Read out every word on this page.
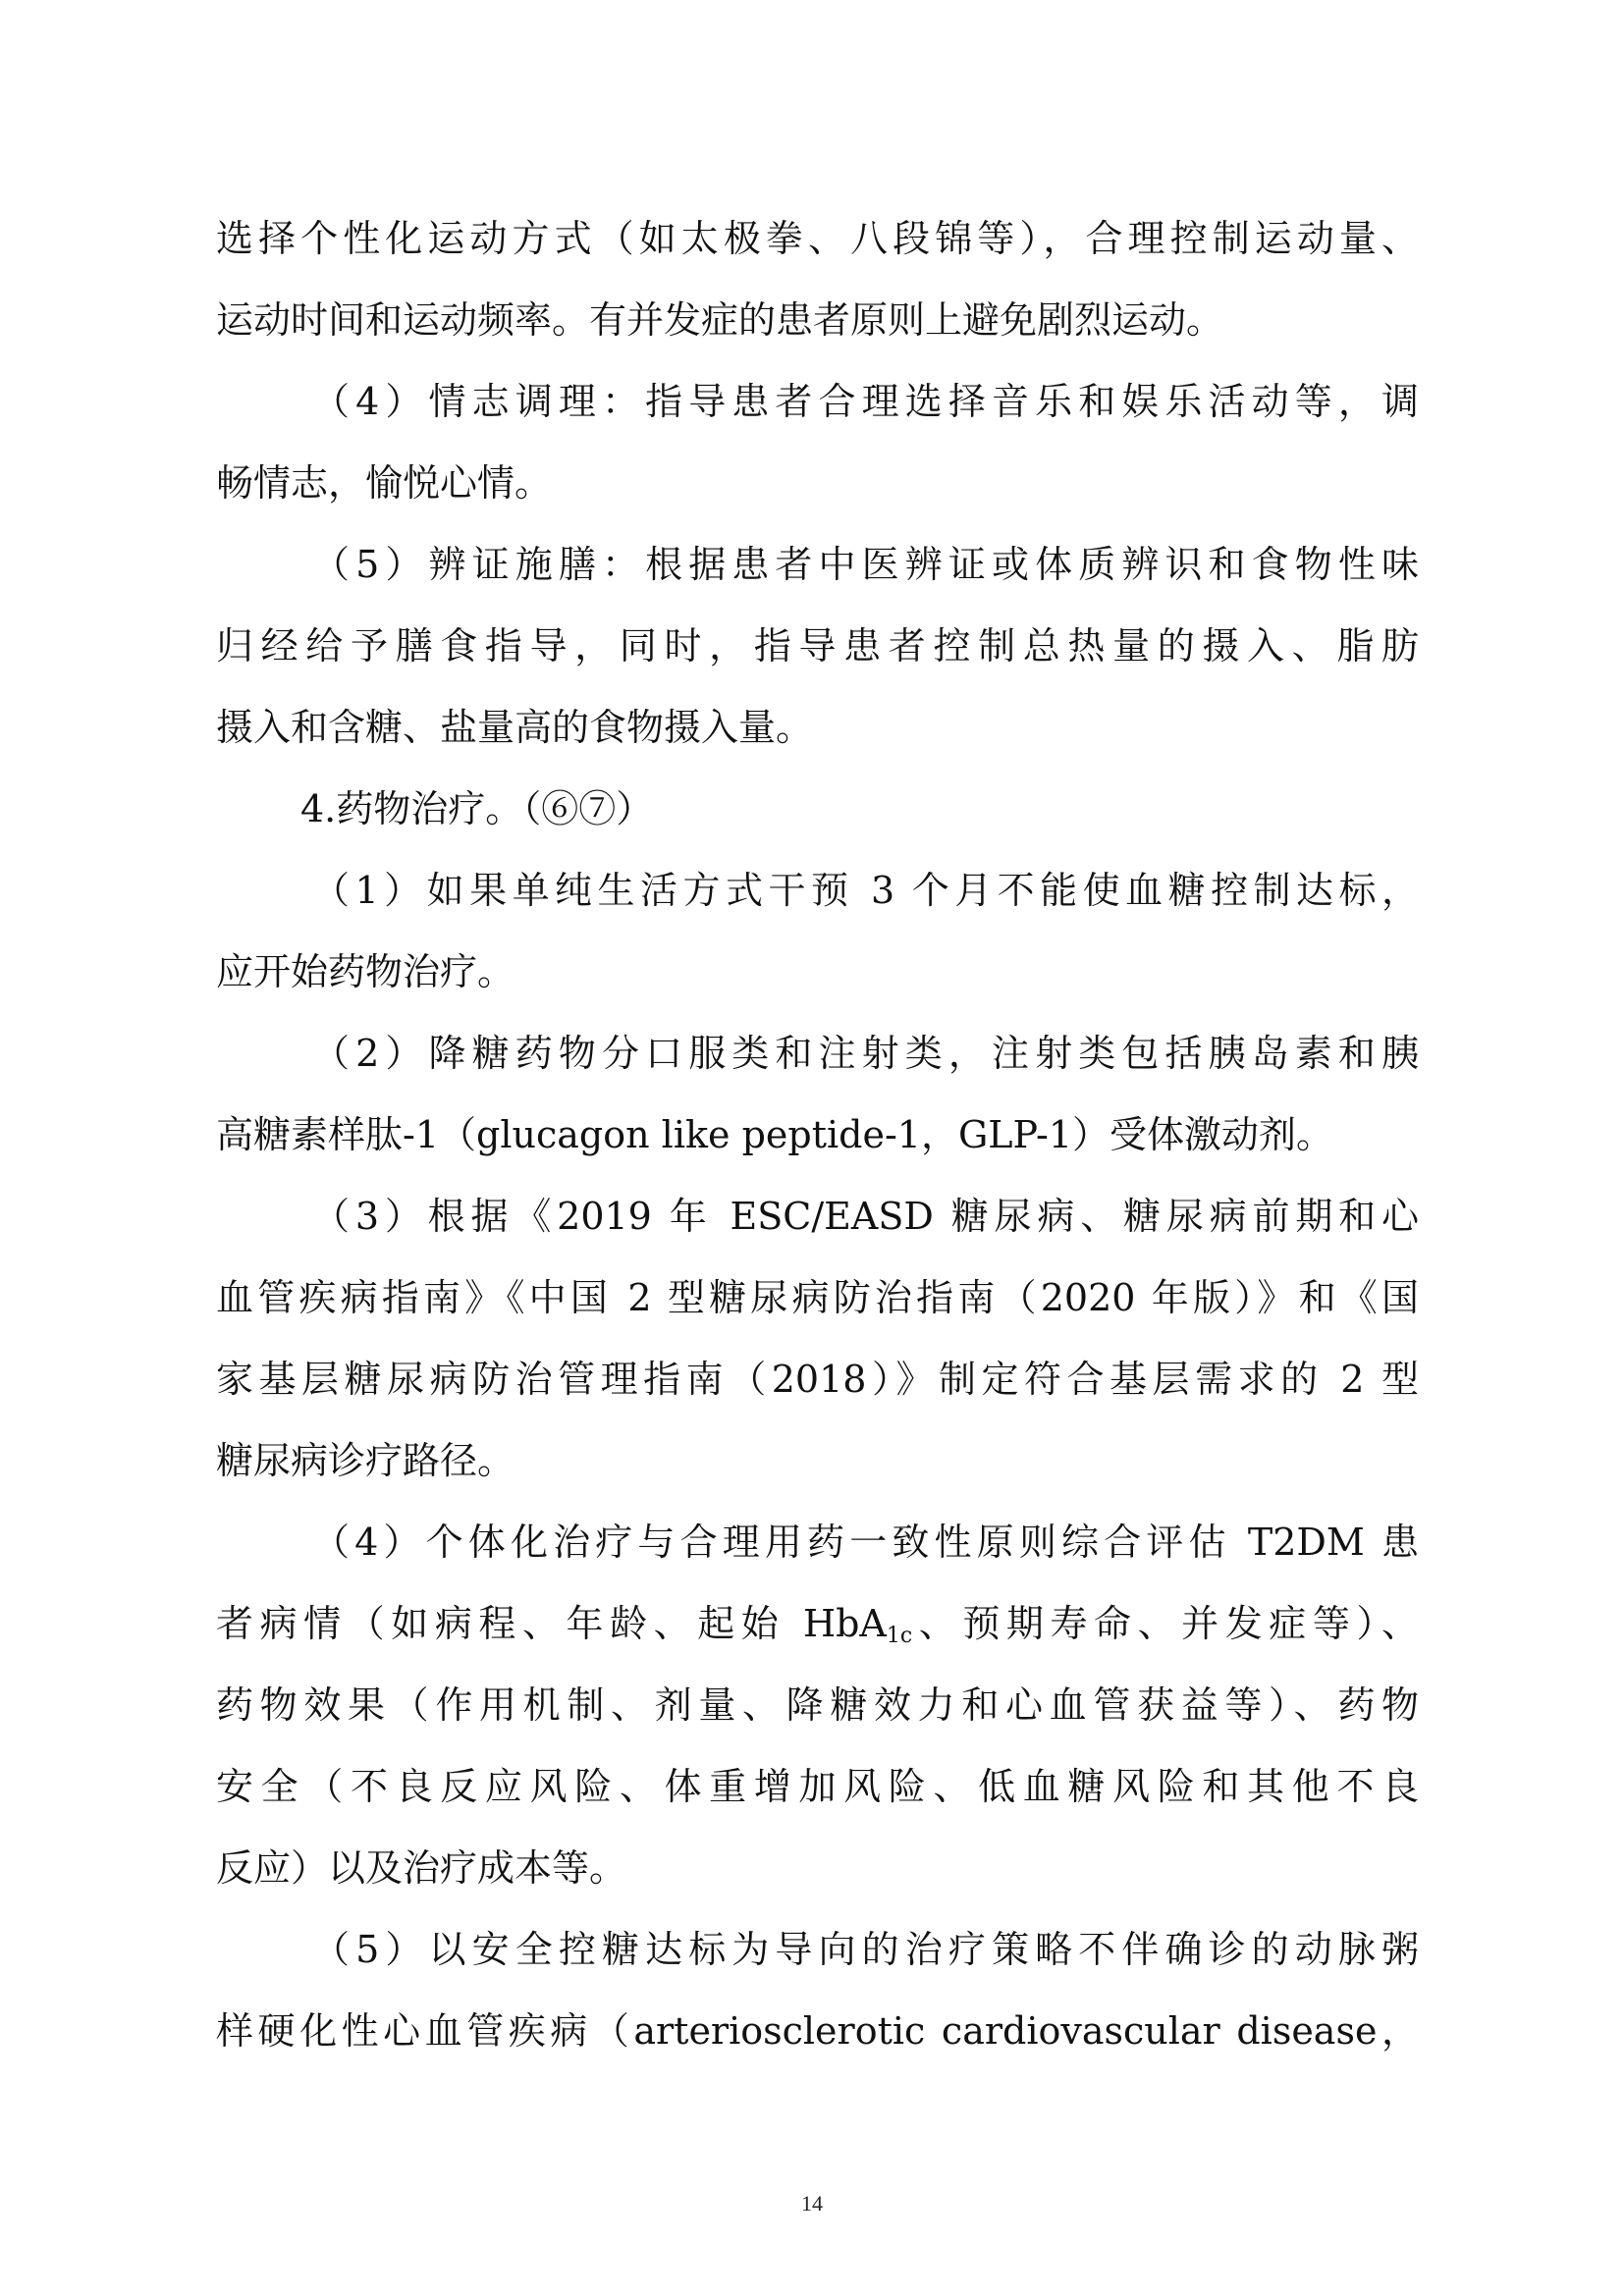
选择个性化运动方式（如太极拳、八段锦等），合理控制运动量、
运动时间和运动频率。有并发症的患者原则上避免剧烈运动。
（4）情志调理：指导患者合理选择音乐和娱乐活动等，调
畅情志，愉悦心情。
（5）辨证施膳：根据患者中医辨证或体质辨识和食物性味
归经给予膳食指导，同时，指导患者控制总热量的摄入、脂肪
摄入和含糖、盐量高的食物摄入量。
4.药物治疗。（⑥⑦）
（1）如果单纯生活方式干预 3 个月不能使血糖控制达标，
应开始药物治疗。
（2）降糖药物分口服类和注射类，注射类包括胰岛素和胰
高糖素样肽-1（glucagon like peptide-1，GLP-1）受体激动剂。
（3）根据《2019 年 ESC/EASD 糖尿病、糖尿病前期和心
血管疾病指南》《中国 2 型糖尿病防治指南（2020 年版）》和《国
家基层糖尿病防治管理指南（2018）》制定符合基层需求的 2 型
糖尿病诊疗路径。
（4）个体化治疗与合理用药一致性原则综合评估 T2DM 患
者病情（如病程、年龄、起始 HbA$_{1c}$、预期寿命、并发症等）、
药物效果（作用机制、剂量、降糖效力和心血管获益等）、药物
安全（不良反应风险、体重增加风险、低血糖风险和其他不良
反应）以及治疗成本等。
（5）以安全控糖达标为导向的治疗策略不伴确诊的动脉粥
样硬化性心血管疾病（arteriosclerotic cardiovascular disease，
14
